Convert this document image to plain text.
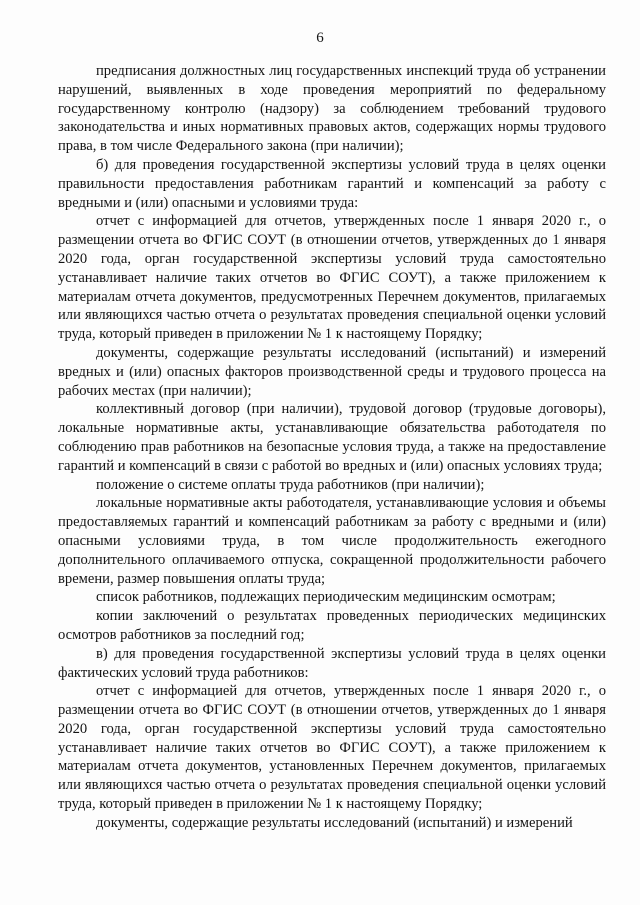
6

предписания должностных лиц государственных инспекций труда об устранении нарушений, выявленных в ходе проведения мероприятий по федеральному государственному контролю (надзору) за соблюдением требований трудового законодательства и иных нормативных правовых актов, содержащих нормы трудового права, в том числе Федерального закона (при наличии);

б) для проведения государственной экспертизы условий труда в целях оценки правильности предоставления работникам гарантий и компенсаций за работу с вредными и (или) опасными и условиями труда:

отчет с информацией для отчетов, утвержденных после 1 января 2020 г., о размещении отчета во ФГИС СОУТ (в отношении отчетов, утвержденных до 1 января 2020 года, орган государственной экспертизы условий труда самостоятельно устанавливает наличие таких отчетов во ФГИС СОУТ), а также приложением к материалам отчета документов, предусмотренных Перечнем документов, прилагаемых или являющихся частью отчета о результатах проведения специальной оценки условий труда, который приведен в приложении № 1 к настоящему Порядку;

документы, содержащие результаты исследований (испытаний) и измерений вредных и (или) опасных факторов производственной среды и трудового процесса на рабочих местах (при наличии);

коллективный договор (при наличии), трудовой договор (трудовые договоры), локальные нормативные акты, устанавливающие обязательства работодателя по соблюдению прав работников на безопасные условия труда, а также на предоставление гарантий и компенсаций в связи с работой во вредных и (или) опасных условиях труда;

положение о системе оплаты труда работников (при наличии);

локальные нормативные акты работодателя, устанавливающие условия и объемы предоставляемых гарантий и компенсаций работникам за работу с вредными и (или) опасными условиями труда, в том числе продолжительность ежегодного дополнительного оплачиваемого отпуска, сокращенной продолжительности рабочего времени, размер повышения оплаты труда;

список работников, подлежащих периодическим медицинским осмотрам;

копии заключений о результатах проведенных периодических медицинских осмотров работников за последний год;

в) для проведения государственной экспертизы условий труда в целях оценки фактических условий труда работников:

отчет с информацией для отчетов, утвержденных после 1 января 2020 г., о размещении отчета во ФГИС СОУТ (в отношении отчетов, утвержденных до 1 января 2020 года, орган государственной экспертизы условий труда самостоятельно устанавливает наличие таких отчетов во ФГИС СОУТ), а также приложением к материалам отчета документов, установленных Перечнем документов, прилагаемых или являющихся частью отчета о результатах проведения специальной оценки условий труда, который приведен в приложении № 1 к настоящему Порядку;

документы, содержащие результаты исследований (испытаний) и измерений
